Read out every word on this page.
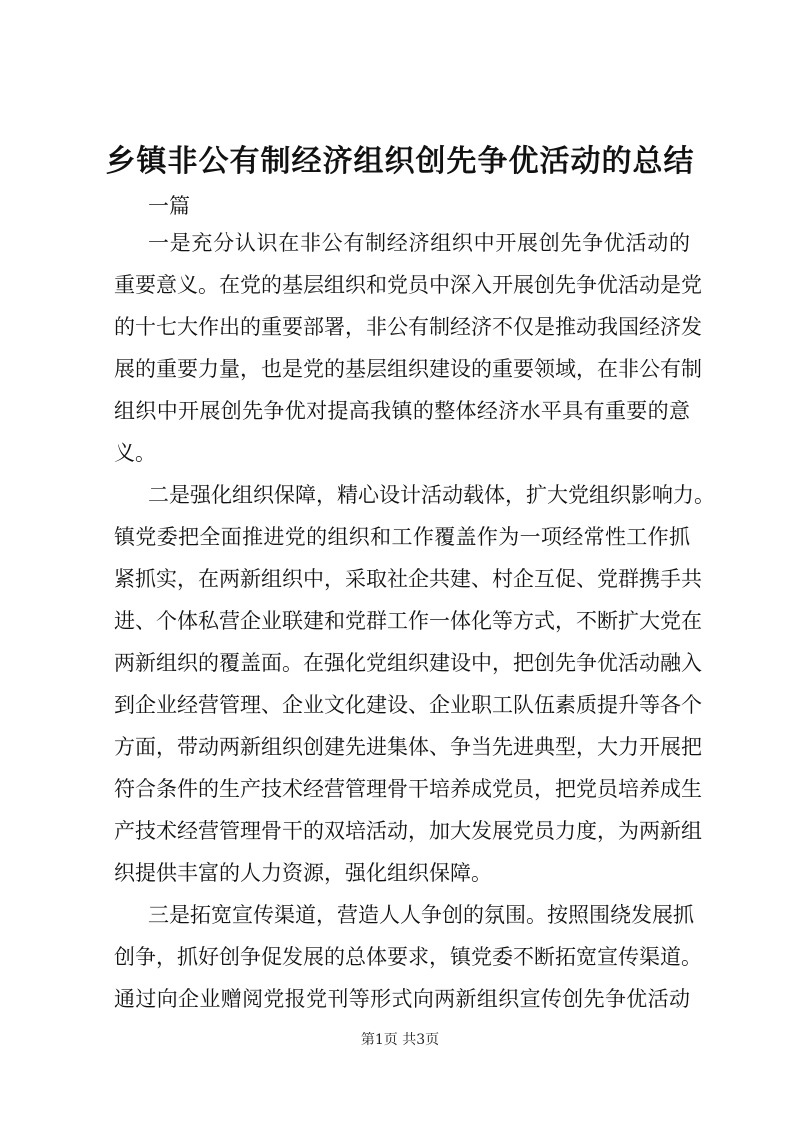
乡镇非公有制经济组织创先争优活动的总结
一篇
一是充分认识在非公有制经济组织中开展创先争优活动的
重要意义。在党的基层组织和党员中深入开展创先争优活动是党
的十七大作出的重要部署，非公有制经济不仅是推动我国经济发
展的重要力量，也是党的基层组织建设的重要领域，在非公有制
组织中开展创先争优对提高我镇的整体经济水平具有重要的意
义。
二是强化组织保障，精心设计活动载体，扩大党组织影响力。
镇党委把全面推进党的组织和工作覆盖作为一项经常性工作抓
紧抓实，在两新组织中，采取社企共建、村企互促、党群携手共
进、个体私营企业联建和党群工作一体化等方式，不断扩大党在
两新组织的覆盖面。在强化党组织建设中，把创先争优活动融入
到企业经营管理、企业文化建设、企业职工队伍素质提升等各个
方面，带动两新组织创建先进集体、争当先进典型，大力开展把
符合条件的生产技术经营管理骨干培养成党员，把党员培养成生
产技术经营管理骨干的双培活动，加大发展党员力度，为两新组
织提供丰富的人力资源，强化组织保障。
三是拓宽宣传渠道，营造人人争创的氛围。按照围绕发展抓
创争，抓好创争促发展的总体要求，镇党委不断拓宽宣传渠道。
通过向企业赠阅党报党刊等形式向两新组织宣传创先争优活动
第1页 共3页
